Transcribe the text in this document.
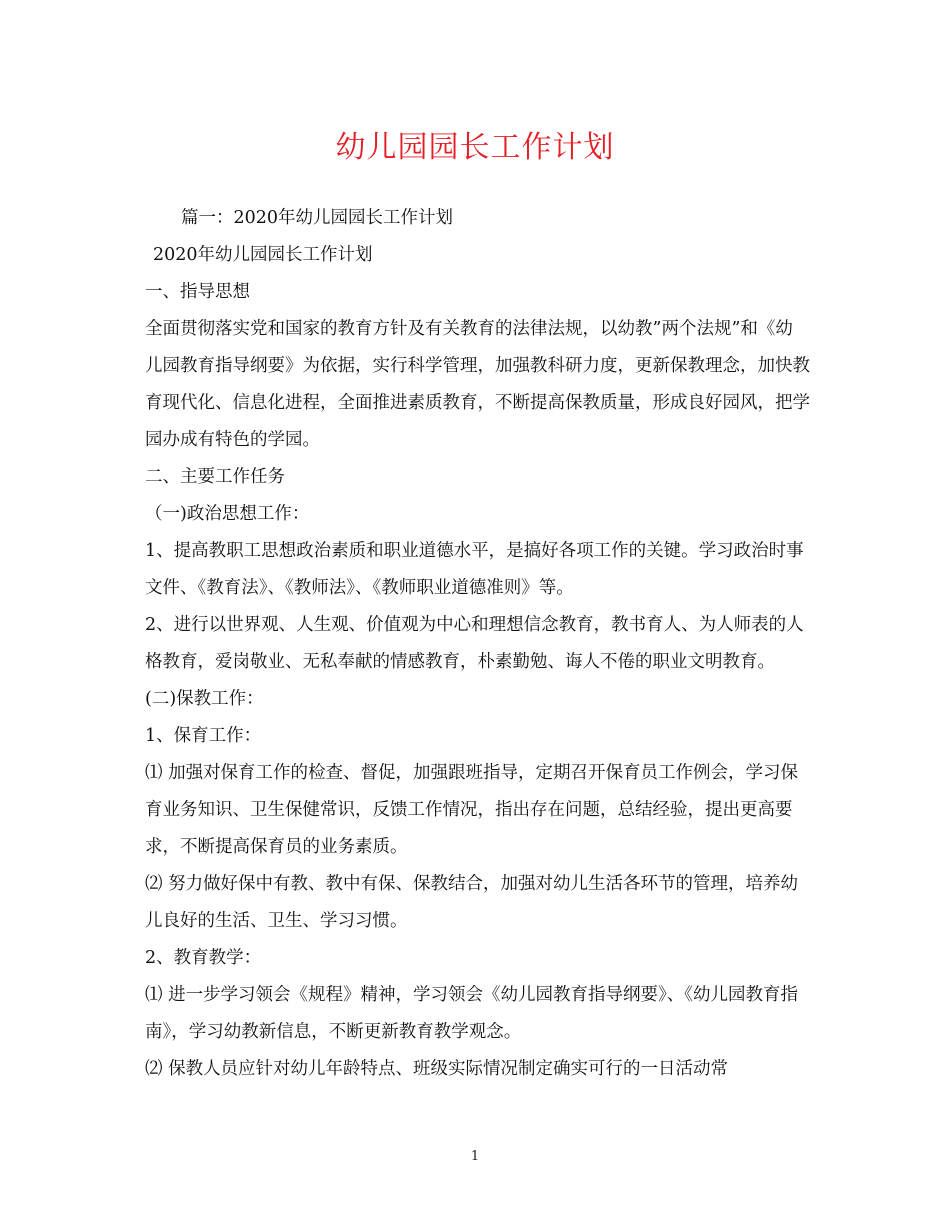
幼儿园园长工作计划

篇一：2020年幼儿园园长工作计划

2020年幼儿园园长工作计划

一、指导思想

全面贯彻落实党和国家的教育方针及有关教育的法律法规，以幼教”两个法规”和《幼儿园教育指导纲要》为依据，实行科学管理，加强教科研力度，更新保教理念，加快教育现代化、信息化进程，全面推进素质教育，不断提高保教质量，形成良好园风，把学园办成有特色的学园。

二、主要工作任务

（一)政治思想工作：

1、提高教职工思想政治素质和职业道德水平，是搞好各项工作的关键。学习政治时事文件、《教育法》、《教师法》、《教师职业道德准则》等。

2、进行以世界观、人生观、价值观为中心和理想信念教育，教书育人、为人师表的人格教育，爱岗敬业、无私奉献的情感教育，朴素勤勉、诲人不倦的职业文明教育。

(二)保教工作：

1、保育工作：

⑴ 加强对保育工作的检查、督促，加强跟班指导，定期召开保育员工作例会，学习保育业务知识、卫生保健常识，反馈工作情况，指出存在问题，总结经验，提出更高要求，不断提高保育员的业务素质。

⑵ 努力做好保中有教、教中有保、保教结合，加强对幼儿生活各环节的管理，培养幼儿良好的生活、卫生、学习习惯。

2、教育教学：

⑴ 进一步学习领会《规程》精神，学习领会《幼儿园教育指导纲要》、《幼儿园教育指南》，学习幼教新信息，不断更新教育教学观念。

⑵ 保教人员应针对幼儿年龄特点、班级实际情况制定确实可行的一日活动常

1
